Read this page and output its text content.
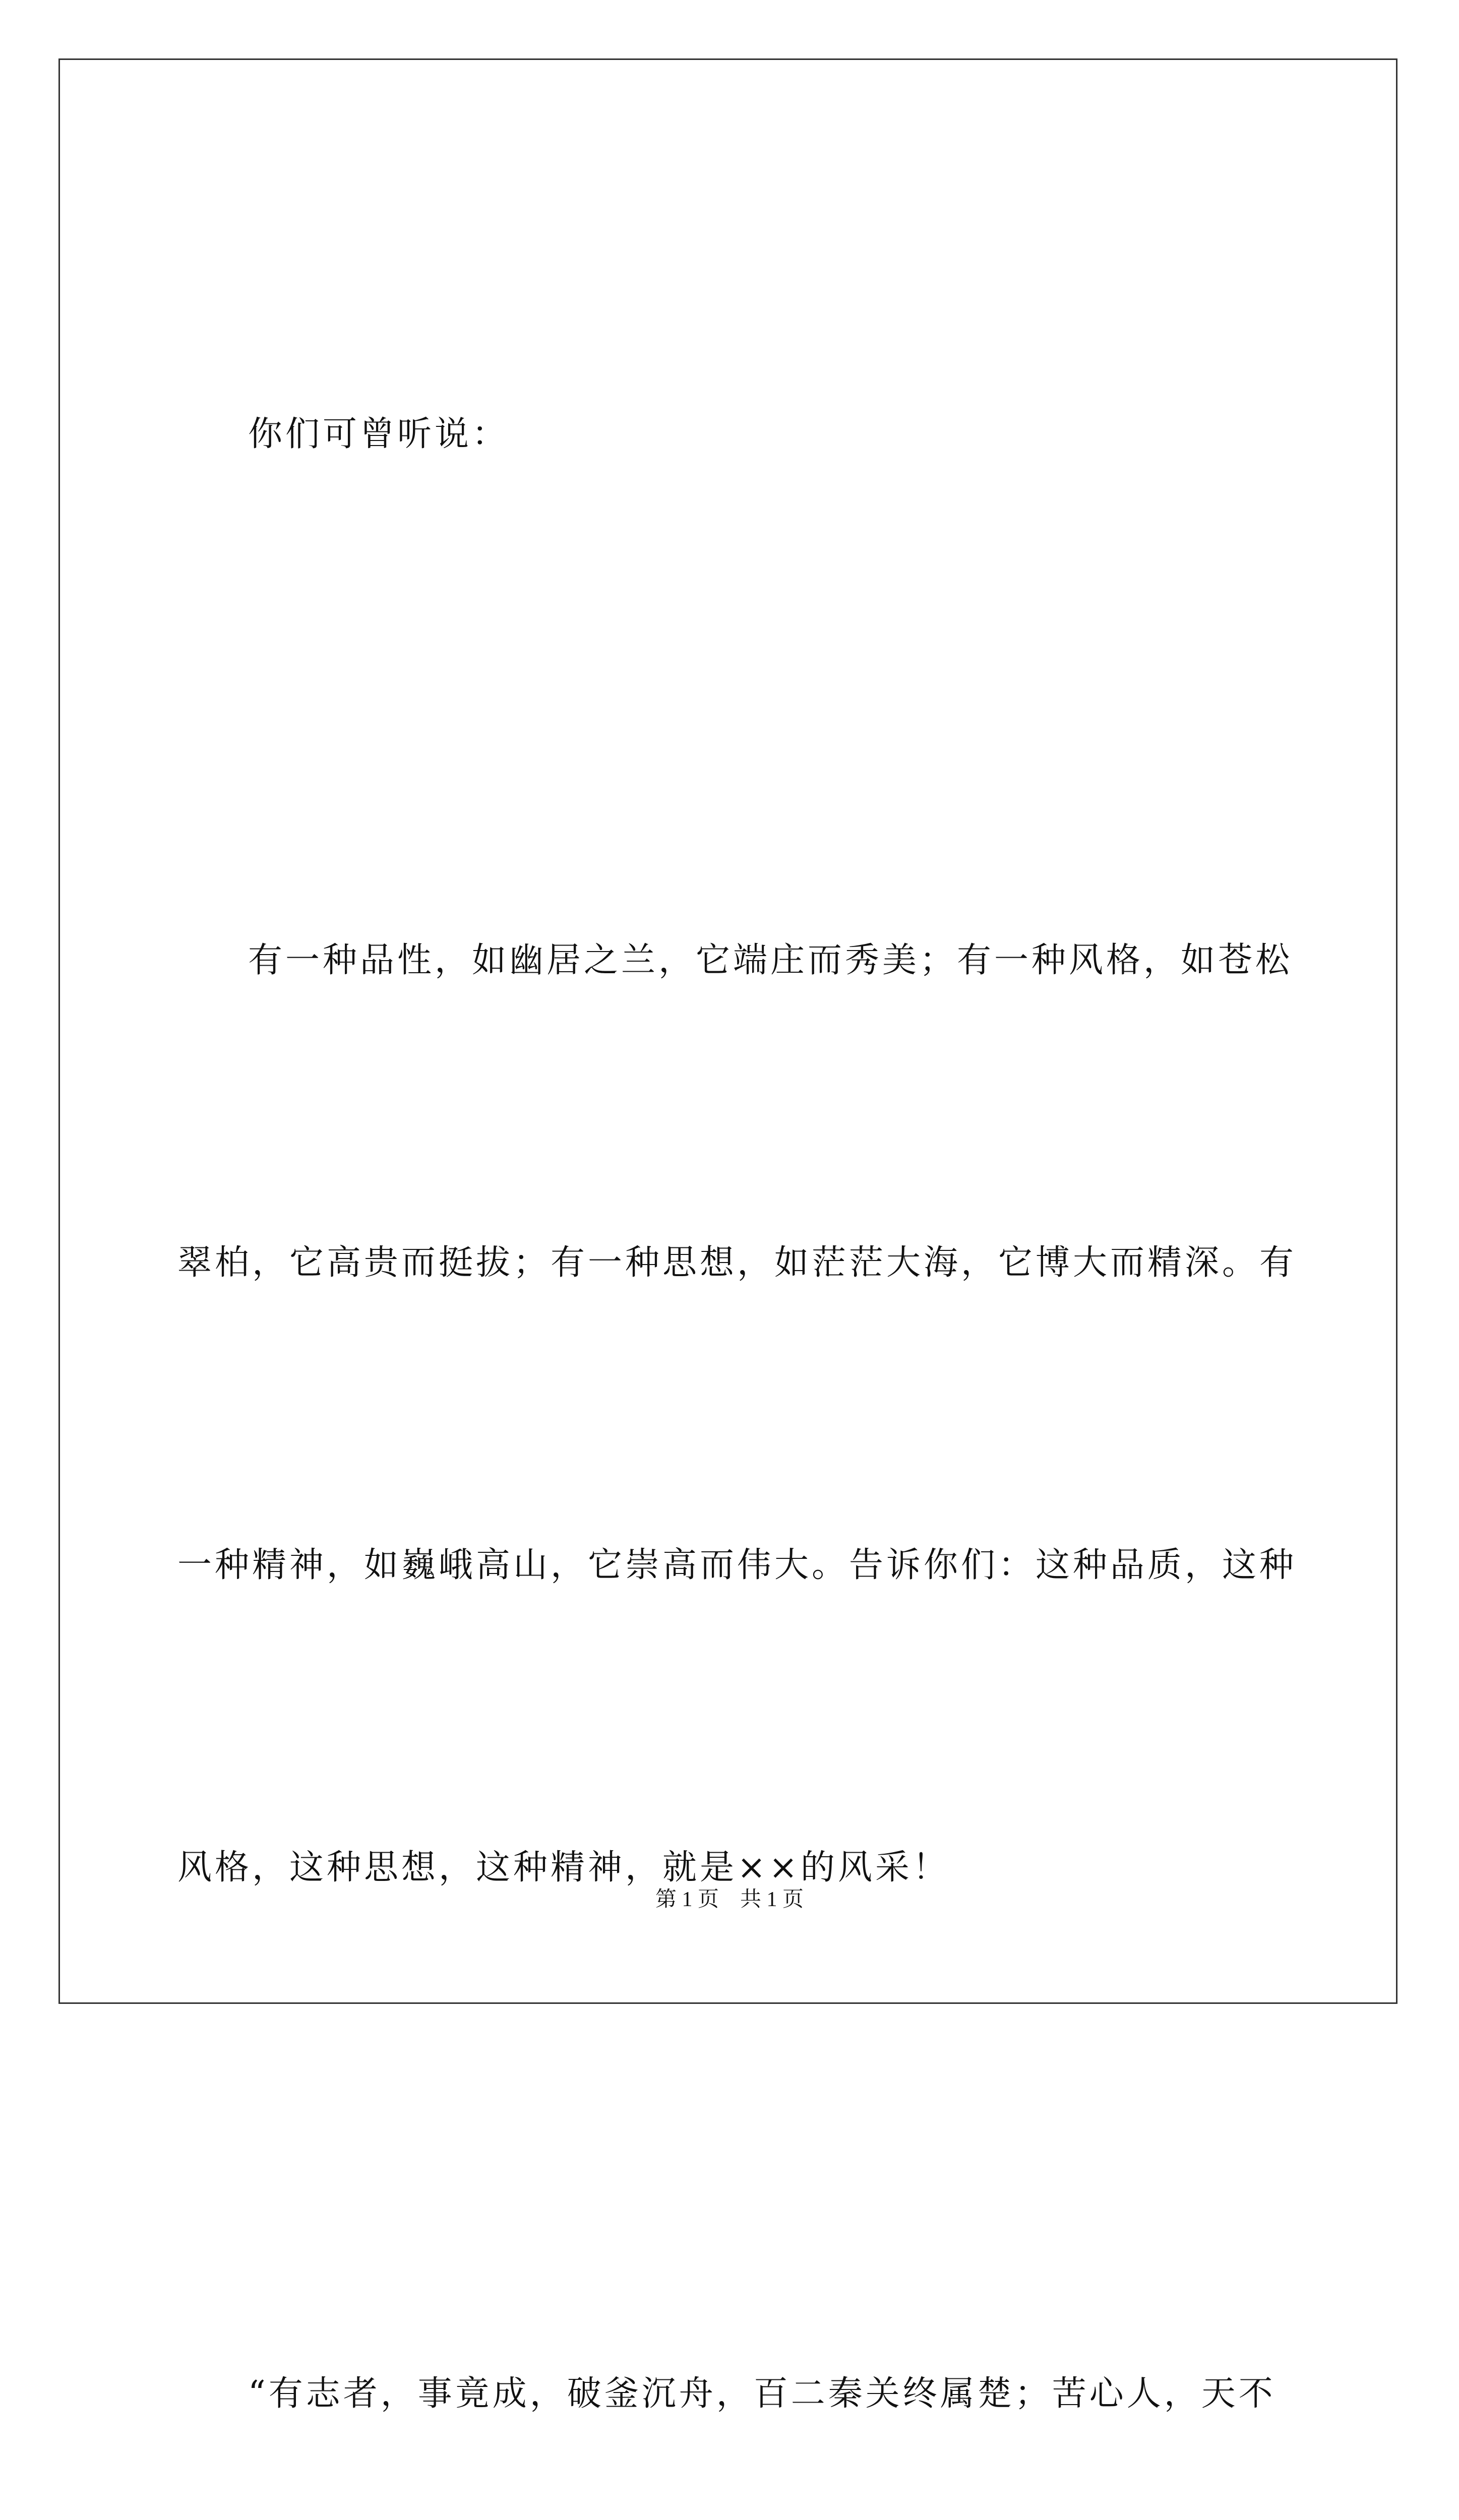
你们可曾听说：

有一种品性，如幽居之兰，它端庄而秀美；有一种风格，如苍松

翠柏，它高贵而挺拔；有一种思想，如茫茫大海，它博大而精深。有

一种精神，如巍峨高山，它崇高而伟大。告诉你们：这种品质，这种

风格，这种思想，这种精神，就是××的风采！

“有志者，事竟成，破釜沉舟，百二秦关终属楚；苦心人，天不

第 1 页　共 1 页
